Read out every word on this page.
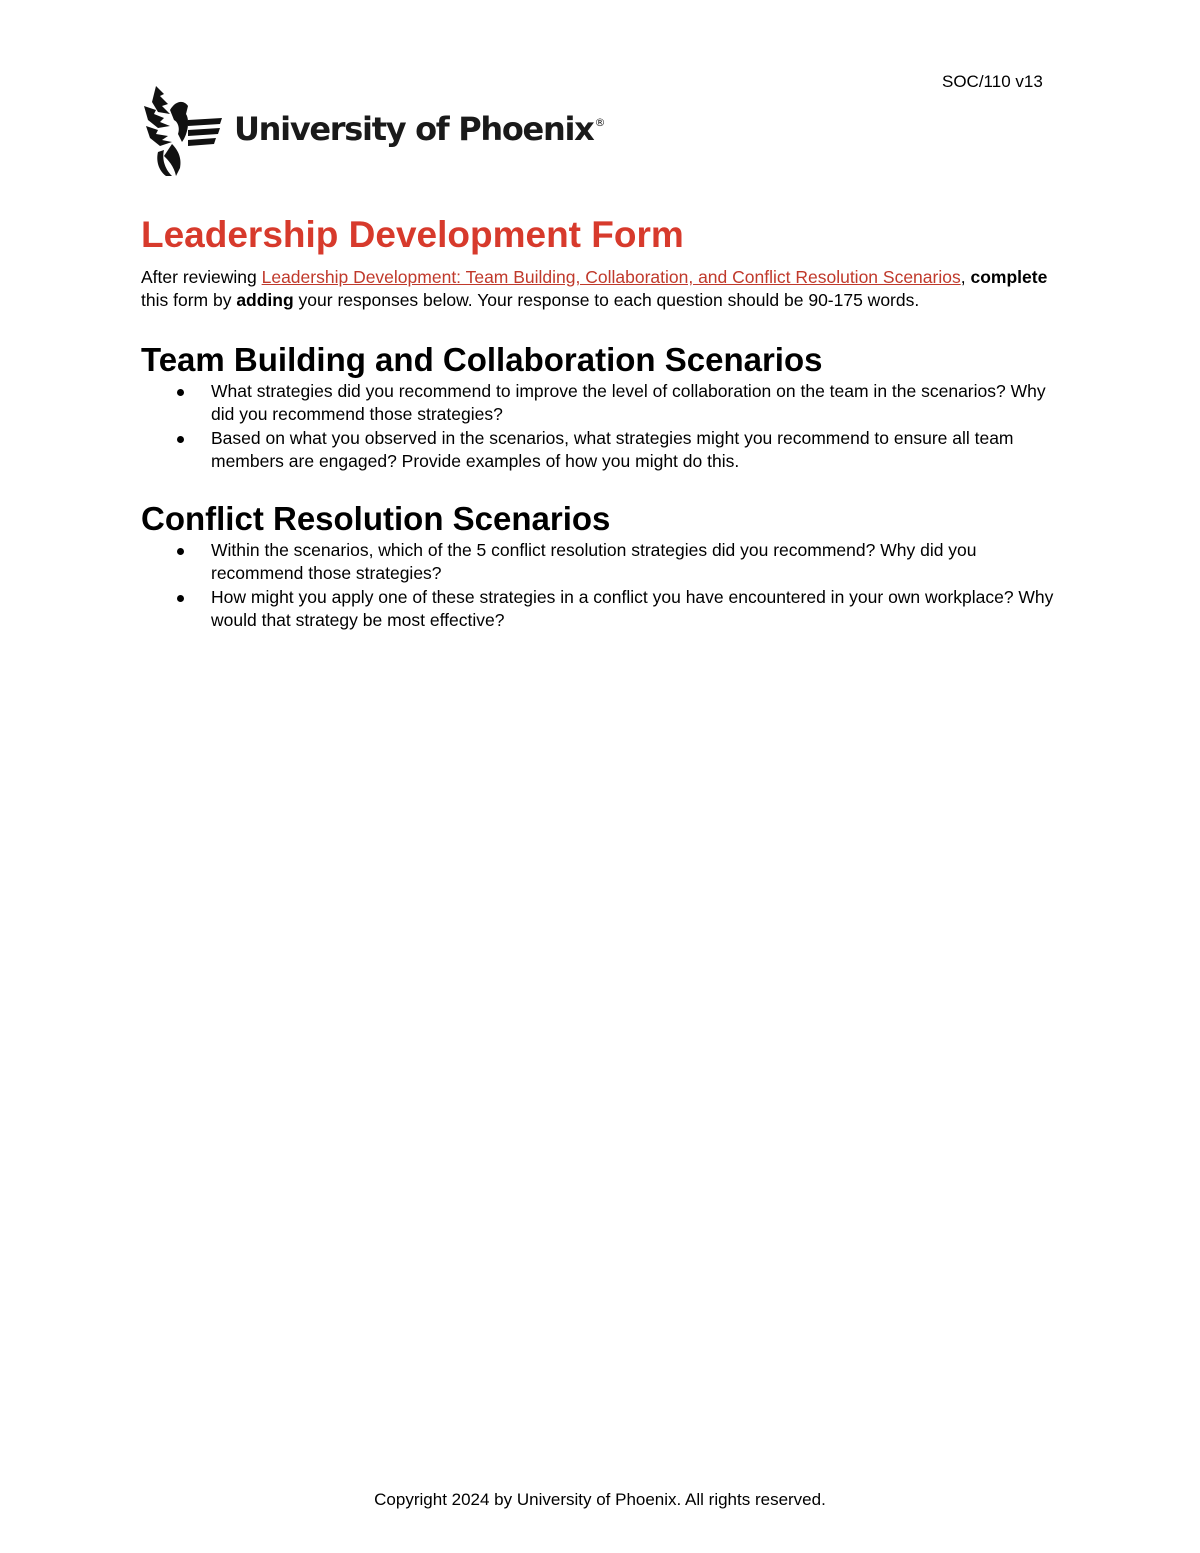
SOC/110 v13
University of Phoenix®
Leadership Development Form

After reviewing Leadership Development: Team Building, Collaboration, and Conflict Resolution Scenarios, complete this form by adding your responses below. Your response to each question should be 90-175 words.

Team Building and Collaboration Scenarios
What strategies did you recommend to improve the level of collaboration on the team in the scenarios? Why did you recommend those strategies?
Based on what you observed in the scenarios, what strategies might you recommend to ensure all team members are engaged? Provide examples of how you might do this.
Conflict Resolution Scenarios
Within the scenarios, which of the 5 conflict resolution strategies did you recommend? Why did you recommend those strategies?
How might you apply one of these strategies in a conflict you have encountered in your own workplace? Why would that strategy be most effective?
Copyright 2024 by University of Phoenix. All rights reserved.
